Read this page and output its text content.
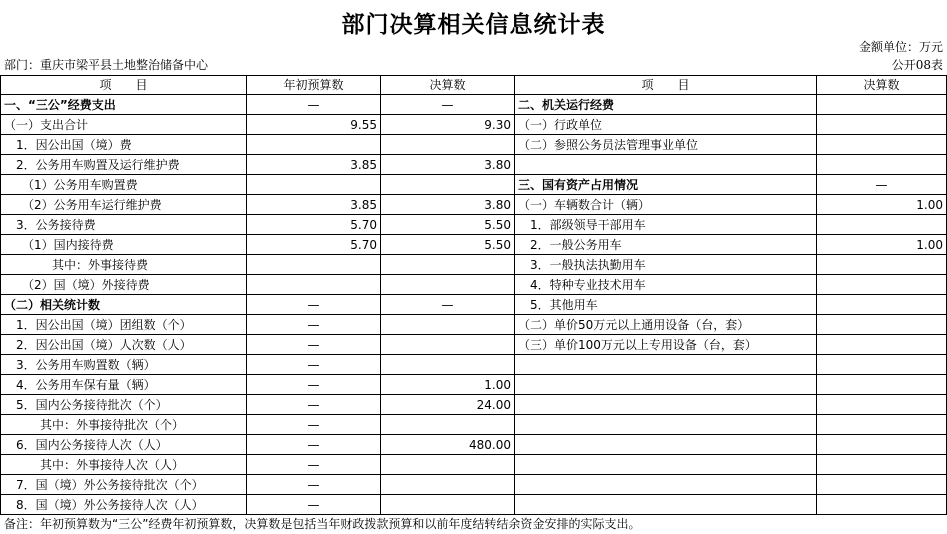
部门决算相关信息统计表
金额单位：万元
部门：重庆市梁平县土地整治储备中心	公开08表
项　　目	年初预算数	决算数	项　　目	决算数
一、“三公”经费支出	—	—	二、机关运行经费	
（一）支出合计	9.55	9.30	（一）行政单位	
　1．因公出国（境）费			（二）参照公务员法管理事业单位	
　2．公务用车购置及运行维护费	3.85	3.80		
　　（1）公务用车购置费			三、国有资产占用情况	—
　　（2）公务用车运行维护费	3.85	3.80	（一）车辆数合计（辆）	1.00
　3．公务接待费	5.70	5.50	　1．部级领导干部用车	
　　（1）国内接待费	5.70	5.50	　2．一般公务用车	1.00
　　　　其中：外事接待费			　3．一般执法执勤用车	
　　（2）国（境）外接待费			　4．特种专业技术用车	
（二）相关统计数	—	—	　5．其他用车	
　1．因公出国（境）团组数（个）	—		（二）单价50万元以上通用设备（台，套）	
　2．因公出国（境）人次数（人）	—		（三）单价100万元以上专用设备（台，套）	
　3．公务用车购置数（辆）	—			
　4．公务用车保有量（辆）	—	1.00		
　5．国内公务接待批次（个）	—	24.00		
　　　其中：外事接待批次（个）	—			
　6．国内公务接待人次（人）	—	480.00		
　　　其中：外事接待人次（人）	—			
　7．国（境）外公务接待批次（个）	—			
　8．国（境）外公务接待人次（人）	—			
备注：年初预算数为“三公”经费年初预算数，决算数是包括当年财政拨款预算和以前年度结转结余资金安排的实际支出。
